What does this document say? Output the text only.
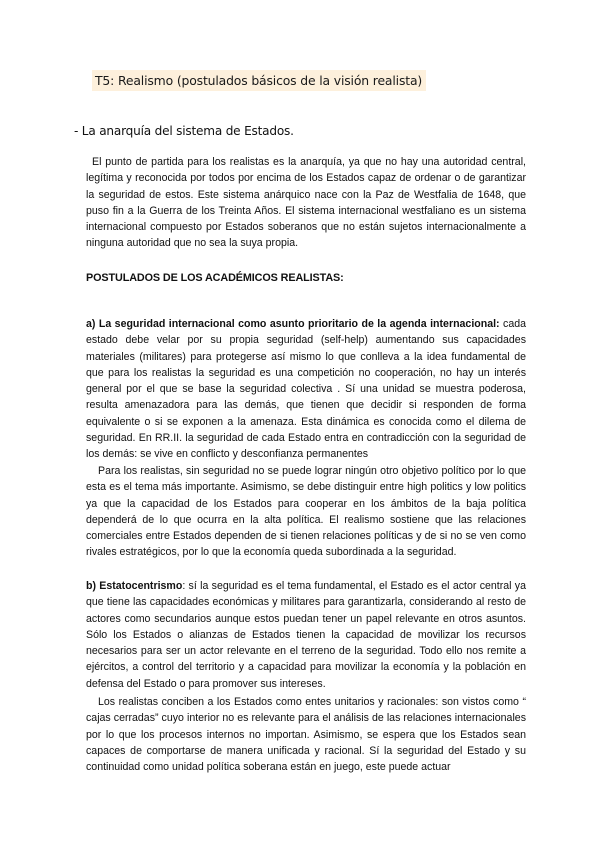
T5: Realismo (postulados básicos de la visión realista)
- La anarquía del sistema de Estados.

El punto de partida para los realistas es la anarquía, ya que no hay una autoridad central, legítima y reconocida por todos por encima de los Estados capaz de ordenar o de garantizar la seguridad de estos. Este sistema anárquico nace con la Paz de Westfalia de 1648, que puso fin a la Guerra de los Treinta Años. El sistema internacional westfaliano es un sistema internacional compuesto por Estados soberanos que no están sujetos internacionalmente a ninguna autoridad que no sea la suya propia.

POSTULADOS DE LOS ACADÉMICOS REALISTAS:

a) La seguridad internacional como asunto prioritario de la agenda internacional: cada estado debe velar por su propia seguridad (self-help) aumentando sus capacidades materiales (militares) para protegerse así mismo lo que conlleva a la idea fundamental de que para los realistas la seguridad es una competición no cooperación, no hay un interés general por el que se base la seguridad colectiva . Sí una unidad se muestra poderosa, resulta amenazadora para las demás, que tienen que decidir si responden de forma equivalente o si se exponen a la amenaza. Esta dinámica es conocida como el dilema de seguridad. En RR.II. la seguridad de cada Estado entra en contradicción con la seguridad de los demás: se vive en conflicto y desconfianza permanentes

Para los realistas, sin seguridad no se puede lograr ningún otro objetivo político por lo que esta es el tema más importante. Asimismo, se debe distinguir entre high politics y low politics ya que la capacidad de los Estados para cooperar en los ámbitos de la baja política dependerá de lo que ocurra en la alta política. El realismo sostiene que las relaciones comerciales entre Estados dependen de si tienen relaciones políticas y de si no se ven como rivales estratégicos, por lo que la economía queda subordinada a la seguridad.

b) Estatocentrismo: sí la seguridad es el tema fundamental, el Estado es el actor central ya que tiene las capacidades económicas y militares para garantizarla, considerando al resto de actores como secundarios aunque estos puedan tener un papel relevante en otros asuntos. Sólo los Estados o alianzas de Estados tienen la capacidad de movilizar los recursos necesarios para ser un actor relevante en el terreno de la seguridad. Todo ello nos remite a ejércitos, a control del territorio y a capacidad para movilizar la economía y la población en defensa del Estado o para promover sus intereses.

Los realistas conciben a los Estados como entes unitarios y racionales: son vistos como “ cajas cerradas” cuyo interior no es relevante para el análisis de las relaciones internacionales por lo que los procesos internos no importan. Asimismo, se espera que los Estados sean capaces de comportarse de manera unificada y racional. Sí la seguridad del Estado y su continuidad como unidad política soberana están en juego, este puede actuar
